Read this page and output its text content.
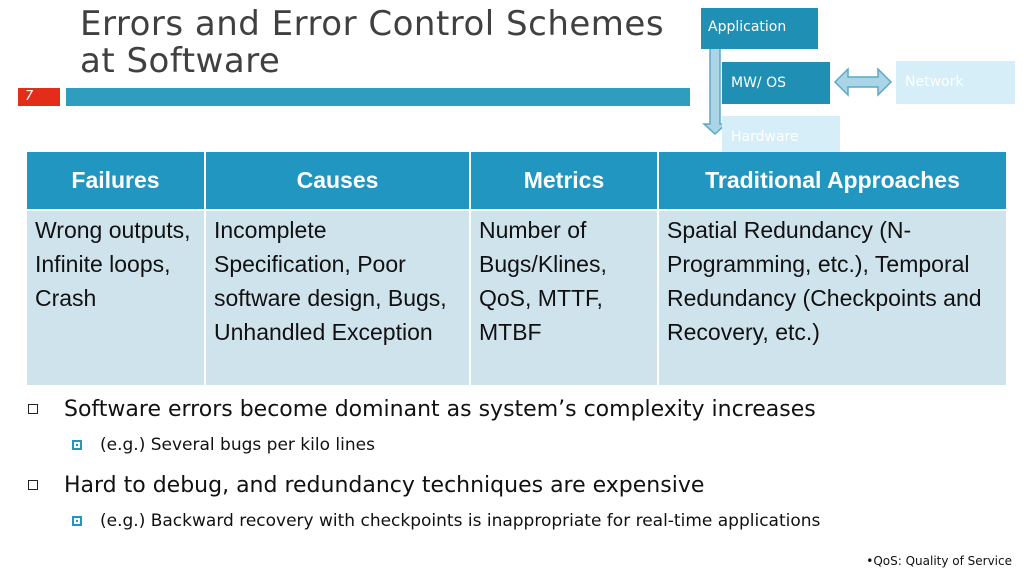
Errors and Error Control Schemes
at Software
7
Application
MW/ OS	Network
Hardware
Failures	Causes	Metrics	Traditional Approaches
Wrong outputs, Infinite loops, Crash	Incomplete Specification, Poor software design, Bugs, Unhandled Exception	Number of Bugs/Klines, QoS, MTTF, MTBF	Spatial Redundancy (N-Programming, etc.), Temporal Redundancy (Checkpoints and Recovery, etc.)
Software errors become dominant as system’s complexity increases
(e.g.) Several bugs per kilo lines
Hard to debug, and redundancy techniques are expensive
(e.g.) Backward recovery with checkpoints is inappropriate for real-time applications
•QoS: Quality of Service
